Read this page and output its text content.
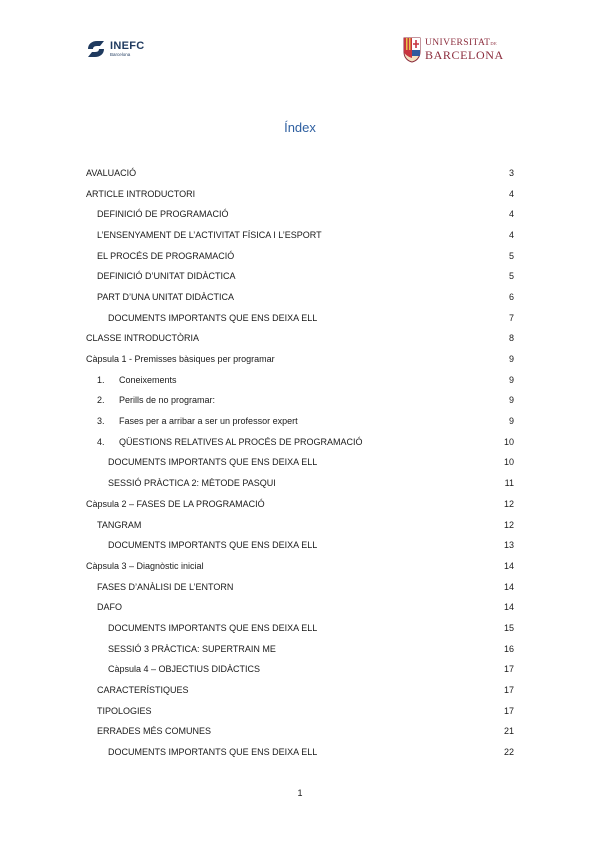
INEFC
Barcelona
UNIVERSITATDE
BARCELONA
Índex
AVALUACIÓ	3
ARTICLE INTRODUCTORI	4
DEFINICIÓ DE PROGRAMACIÓ	4
L’ENSENYAMENT DE L’ACTIVITAT FÍSICA I L’ESPORT	4
EL PROCÉS DE PROGRAMACIÓ	5
DEFINICIÓ D’UNITAT DIDÀCTICA	5
PART D’UNA UNITAT DIDÀCTICA	6
DOCUMENTS IMPORTANTS QUE ENS DEIXA ELL	7
CLASSE INTRODUCTÒRIA	8
Càpsula 1 - Premisses bàsiques per programar	9
1. Coneixements	9
2. Perills de no programar:	9
3. Fases per a arribar a ser un professor expert	9
4. QÜESTIONS RELATIVES AL PROCÉS DE PROGRAMACIÓ	10
DOCUMENTS IMPORTANTS QUE ENS DEIXA ELL	10
SESSIÓ PRÀCTICA 2: MÈTODE PASQUI	11
Càpsula 2 – FASES DE LA PROGRAMACIÓ	12
TANGRAM	12
DOCUMENTS IMPORTANTS QUE ENS DEIXA ELL	13
Càpsula 3 – Diagnòstic inicial	14
FASES D’ANÀLISI DE L’ENTORN	14
DAFO	14
DOCUMENTS IMPORTANTS QUE ENS DEIXA ELL	15
SESSIÓ 3 PRÀCTICA: SUPERTRAIN ME	16
Càpsula 4 – OBJECTIUS DIDÀCTICS	17
CARACTERÍSTIQUES	17
TIPOLOGIES	17
ERRADES MÉS COMUNES	21
DOCUMENTS IMPORTANTS QUE ENS DEIXA ELL	22
1
